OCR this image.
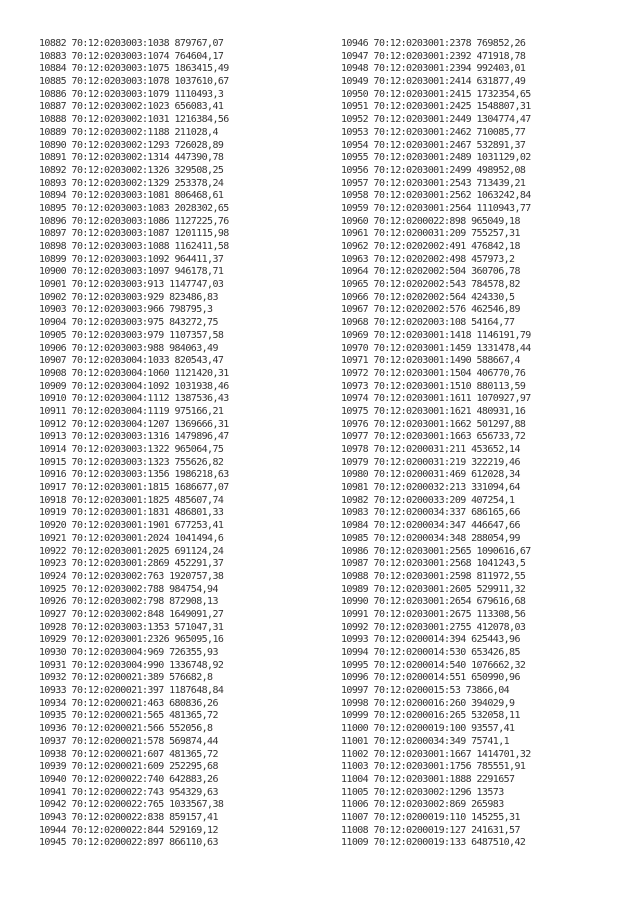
10882 70:12:0203003:1038 879767,07
10883 70:12:0203003:1074 764604,17
10884 70:12:0203003:1075 1863415,49
10885 70:12:0203003:1078 1037610,67
10886 70:12:0203003:1079 1110493,3
10887 70:12:0203002:1023 656083,41
10888 70:12:0203002:1031 1216384,56
10889 70:12:0203002:1188 211028,4
10890 70:12:0203002:1293 726028,89
10891 70:12:0203002:1314 447390,78
10892 70:12:0203002:1326 329508,25
10893 70:12:0203002:1329 253378,24
10894 70:12:0203003:1081 806468,61
10895 70:12:0203003:1083 2028302,65
10896 70:12:0203003:1086 1127225,76
10897 70:12:0203003:1087 1201115,98
10898 70:12:0203003:1088 1162411,58
10899 70:12:0203003:1092 964411,37
10900 70:12:0203003:1097 946178,71
10901 70:12:0203003:913 1147747,03
10902 70:12:0203003:929 823486,83
10903 70:12:0203003:966 798795,3
10904 70:12:0203003:975 843272,75
10905 70:12:0203003:979 1107357,58
10906 70:12:0203003:988 984063,49
10907 70:12:0203004:1033 820543,47
10908 70:12:0203004:1060 1121420,31
10909 70:12:0203004:1092 1031938,46
10910 70:12:0203004:1112 1387536,43
10911 70:12:0203004:1119 975166,21
10912 70:12:0203004:1207 1369666,31
10913 70:12:0203003:1316 1479896,47
10914 70:12:0203003:1322 965064,75
10915 70:12:0203003:1323 755626,82
10916 70:12:0203003:1356 1986218,63
10917 70:12:0203001:1815 1686677,07
10918 70:12:0203001:1825 485607,74
10919 70:12:0203001:1831 486801,33
10920 70:12:0203001:1901 677253,41
10921 70:12:0203001:2024 1041494,6
10922 70:12:0203001:2025 691124,24
10923 70:12:0203001:2869 452291,37
10924 70:12:0203002:763 1920757,38
10925 70:12:0203002:788 984754,94
10926 70:12:0203002:798 872908,13
10927 70:12:0203002:848 1649091,27
10928 70:12:0203003:1353 571047,31
10929 70:12:0203001:2326 965095,16
10930 70:12:0203004:969 726355,93
10931 70:12:0203004:990 1336748,92
10932 70:12:0200021:389 576682,8
10933 70:12:0200021:397 1187648,84
10934 70:12:0200021:463 680836,26
10935 70:12:0200021:565 481365,72
10936 70:12:0200021:566 552056,8
10937 70:12:0200021:578 569874,44
10938 70:12:0200021:607 481365,72
10939 70:12:0200021:609 252295,68
10940 70:12:0200022:740 642883,26
10941 70:12:0200022:743 954329,63
10942 70:12:0200022:765 1033567,38
10943 70:12:0200022:838 859157,41
10944 70:12:0200022:844 529169,12
10945 70:12:0200022:897 866110,63
10946 70:12:0203001:2378 769852,26
10947 70:12:0203001:2392 471918,78
10948 70:12:0203001:2394 992403,01
10949 70:12:0203001:2414 631877,49
10950 70:12:0203001:2415 1732354,65
10951 70:12:0203001:2425 1548807,31
10952 70:12:0203001:2449 1304774,47
10953 70:12:0203001:2462 710085,77
10954 70:12:0203001:2467 532891,37
10955 70:12:0203001:2489 1031129,02
10956 70:12:0203001:2499 498952,08
10957 70:12:0203001:2543 713439,21
10958 70:12:0203001:2562 1063242,84
10959 70:12:0203001:2564 1110943,77
10960 70:12:0200022:898 965049,18
10961 70:12:0200031:209 755257,31
10962 70:12:0202002:491 476842,18
10963 70:12:0202002:498 457973,2
10964 70:12:0202002:504 360706,78
10965 70:12:0202002:543 784578,82
10966 70:12:0202002:564 424330,5
10967 70:12:0202002:576 462546,89
10968 70:12:0202003:108 54164,77
10969 70:12:0203001:1418 1146191,79
10970 70:12:0203001:1459 1331478,44
10971 70:12:0203001:1490 588667,4
10972 70:12:0203001:1504 406770,76
10973 70:12:0203001:1510 880113,59
10974 70:12:0203001:1611 1070927,97
10975 70:12:0203001:1621 480931,16
10976 70:12:0203001:1662 501297,88
10977 70:12:0203001:1663 656733,72
10978 70:12:0200031:211 453652,14
10979 70:12:0200031:219 322219,46
10980 70:12:0200031:469 612028,34
10981 70:12:0200032:213 331094,64
10982 70:12:0200033:209 407254,1
10983 70:12:0200034:337 686165,66
10984 70:12:0200034:347 446647,66
10985 70:12:0200034:348 288054,99
10986 70:12:0203001:2565 1090616,67
10987 70:12:0203001:2568 1041243,5
10988 70:12:0203001:2598 811972,55
10989 70:12:0203001:2605 529911,32
10990 70:12:0203001:2654 679616,68
10991 70:12:0203001:2675 113308,56
10992 70:12:0203001:2755 412078,03
10993 70:12:0200014:394 625443,96
10994 70:12:0200014:530 653426,85
10995 70:12:0200014:540 1076662,32
10996 70:12:0200014:551 650990,96
10997 70:12:0200015:53 73866,04
10998 70:12:0200016:260 394029,9
10999 70:12:0200016:265 532058,11
11000 70:12:0200019:100 93557,41
11001 70:12:0200034:349 75741,1
11002 70:12:0203001:1667 1414701,32
11003 70:12:0203001:1756 785551,91
11004 70:12:0203001:1888 2291657
11005 70:12:0203002:1296 13573
11006 70:12:0203002:869 265983
11007 70:12:0200019:110 145255,31
11008 70:12:0200019:127 241631,57
11009 70:12:0200019:133 6487510,42
